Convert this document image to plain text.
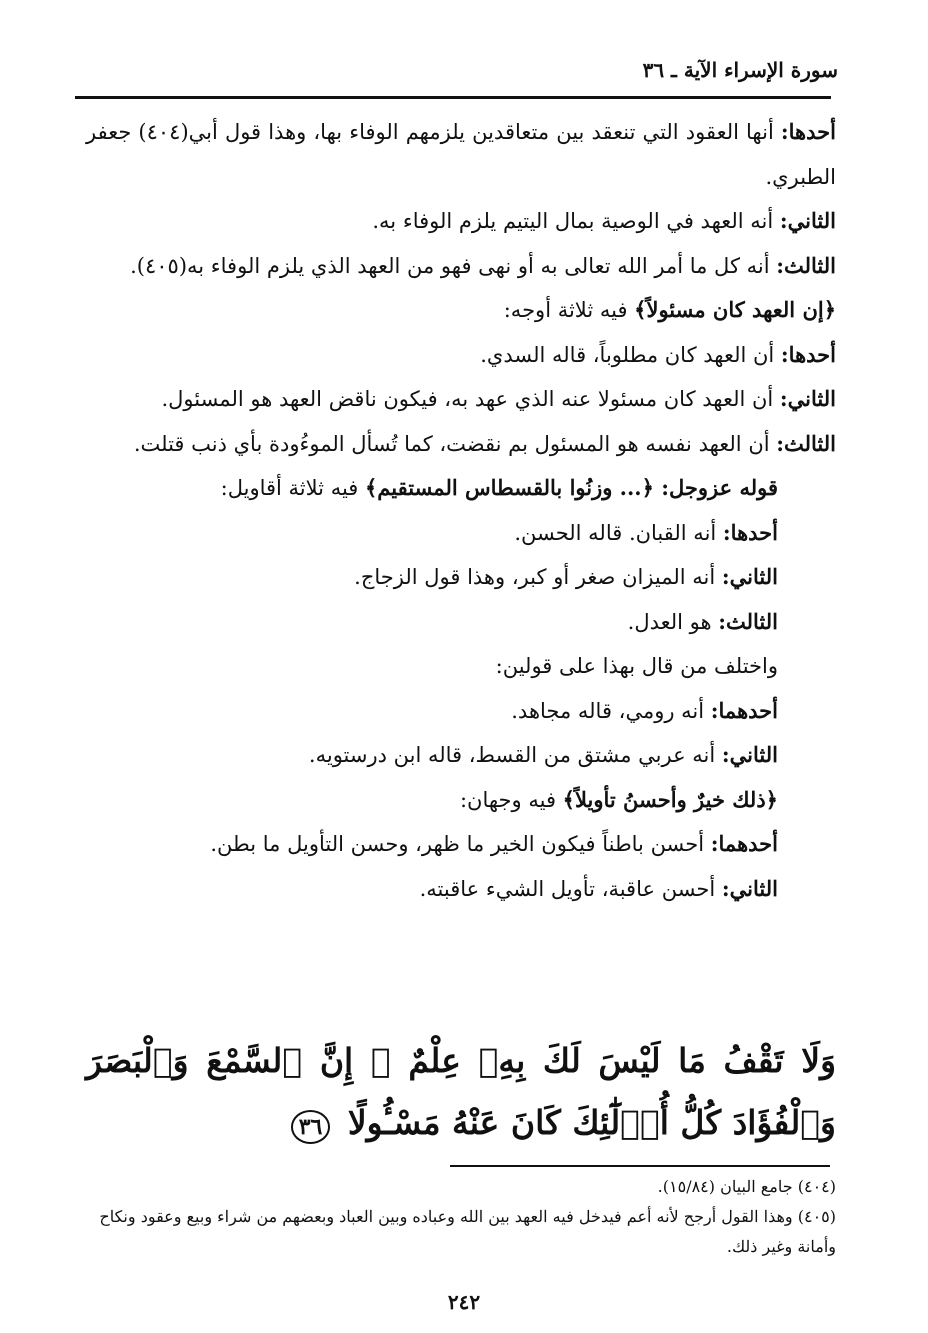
سورة الإسراء الآية ـ ٣٦

أحدها: أنها العقود التي تنعقد بين متعاقدين يلزمهم الوفاء بها، وهذا قول أبي(٤٠٤) جعفر الطبري.

الثاني: أنه العهد في الوصية بمال اليتيم يلزم الوفاء به.

الثالث: أنه كل ما أمر الله تعالى به أو نهى فهو من العهد الذي يلزم الوفاء به(٤٠٥).

﴿إن العهد كان مسئولاً﴾ فيه ثلاثة أوجه:

أحدها: أن العهد كان مطلوباً، قاله السدي.

الثاني: أن العهد كان مسئولا عنه الذي عهد به، فيكون ناقض العهد هو المسئول.

الثالث: أن العهد نفسه هو المسئول بم نقضت، كما تُسأل الموءُودة بأي ذنب قتلت.

قوله عزوجل: ﴿... وزنُوا بالقسطاس المستقيم﴾ فيه ثلاثة أقاويل:

أحدها: أنه القبان. قاله الحسن.

الثاني: أنه الميزان صغر أو كبر، وهذا قول الزجاج.

الثالث: هو العدل.

واختلف من قال بهذا على قولين:

أحدهما: أنه رومي، قاله مجاهد.

الثاني: أنه عربي مشتق من القسط، قاله ابن درستويه.

﴿ذلك خيرٌ وأحسنُ تأويلاً﴾ فيه وجهان:

أحدهما: أحسن باطناً فيكون الخير ما ظهر، وحسن التأويل ما بطن.

الثاني: أحسن عاقبة، تأويل الشيء عاقبته.

وَلَا تَقْفُ مَا لَيْسَ لَكَ بِهِۦ عِلْمٌ ۚ إِنَّ ٱلسَّمْعَ وَٱلْبَصَرَ وَٱلْفُؤَادَ كُلُّ أُو۟لَٰٓئِكَ كَانَ عَنْهُ مَسْـُٔولًا ٣٦

(٤٠٤) جامع البيان (١٥/٨٤).

(٤٠٥) وهذا القول أرجح لأنه أعم فيدخل فيه العهد بين الله وعباده وبين العباد وبعضهم من شراء وبيع وعقود ونكاح وأمانة وغير ذلك.

٢٤٢
